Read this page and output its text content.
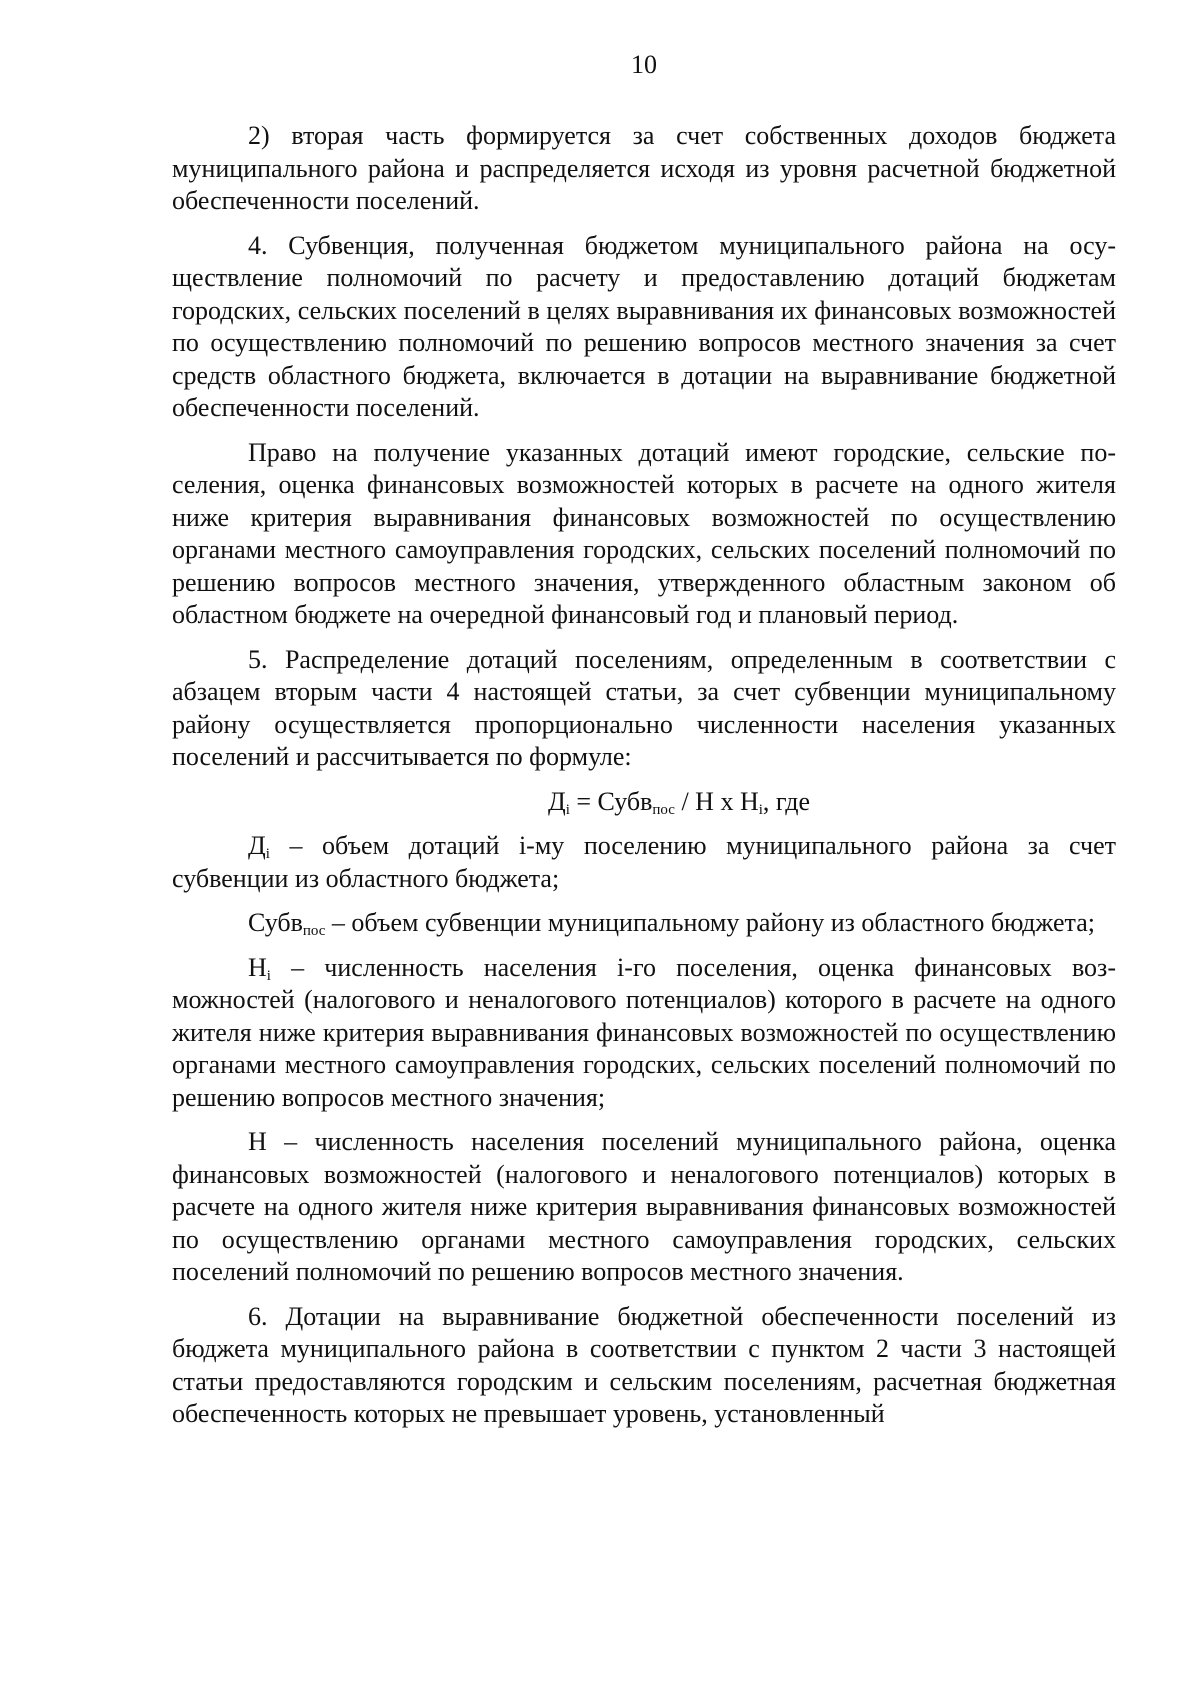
10

2) вторая часть формируется за счет собственных доходов бюджета муниципального района и распределяется исходя из уровня расчетной бюджетной обеспеченности поселений.

4. Субвенция, полученная бюджетом муниципального района на осуществление полномочий по расчету и предоставлению дотаций бюджетам городских, сельских поселений в целях выравнивания их финансовых возможностей по осуществлению полномочий по решению вопросов местного значения за счет средств областного бюджета, включается в дотации на выравнивание бюджетной обеспеченности поселений.

Право на получение указанных дотаций имеют городские, сельские поселения, оценка финансовых возможностей которых в расчете на одного жителя ниже критерия выравнивания финансовых возможностей по осуществлению органами местного самоуправления городских, сельских поселений полномочий по решению вопросов местного значения, утвержденного областным законом об областном бюджете на очередной финансовый год и плановый период.

5. Распределение дотаций поселениям, определенным в соответствии с абзацем вторым части 4 настоящей статьи, за счет субвенции муниципальному району осуществляется пропорционально численности населения указанных поселений и рассчитывается по формуле:

$Д_i$ = Субв$_{пос}$ / Н х $Н_i$, где

$Д_i$ – объем дотаций i-му поселению муниципального района за счет субвенции из областного бюджета;

Субв$_{пос}$ – объем субвенции муниципальному району из областного бюджета;

$Н_i$ – численность населения i-го поселения, оценка финансовых возможностей (налогового и неналогового потенциалов) которого в расчете на одного жителя ниже критерия выравнивания финансовых возможностей по осуществлению органами местного самоуправления городских, сельских поселений полномочий по решению вопросов местного значения;

Н – численность населения поселений муниципального района, оценка финансовых возможностей (налогового и неналогового потенциалов) которых в расчете на одного жителя ниже критерия выравнивания финансовых возможностей по осуществлению органами местного самоуправления городских, сельских поселений полномочий по решению вопросов местного значения.

6. Дотации на выравнивание бюджетной обеспеченности поселений из бюджета муниципального района в соответствии с пунктом 2 части 3 настоящей статьи предоставляются городским и сельским поселениям, расчетная бюджетная обеспеченность которых не превышает уровень, установленный
